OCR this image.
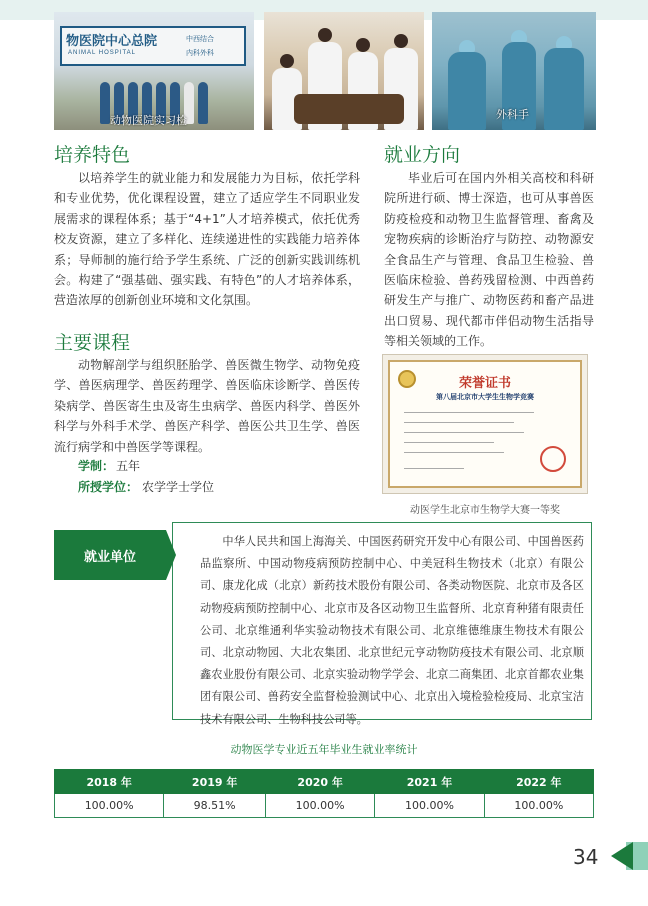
物医院中心总院
ANIMAL HOSPITAL
中西结合
内科外科
动物医院实习检	外科手
培养特色
以培养学生的就业能力和发展能力为目标，依托学科和专业优势，优化课程设置，建立了适应学生不同职业发展需求的课程体系；基于“4+1”人才培养模式，依托优秀校友资源，建立了多样化、连续递进性的实践能力培养体系；导师制的施行给予学生系统、广泛的创新实践训练机会。构建了“强基础、强实践、有特色”的人才培养体系，营造浓厚的创新创业环境和文化氛围。
主要课程
动物解剖学与组织胚胎学、兽医微生物学、动物免疫学、兽医病理学、兽医药理学、兽医临床诊断学、兽医传染病学、兽医寄生虫及寄生虫病学、兽医内科学、兽医外科学与外科手术学、兽医产科学、兽医公共卫生学、兽医流行病学和中兽医学等课程。
学制： 五年
所授学位： 农学学士学位
就业方向
毕业后可在国内外相关高校和科研院所进行硕、博士深造，也可从事兽医防疫检疫和动物卫生监督管理、畜禽及宠物疾病的诊断治疗与防控、动物源安全食品生产与管理、食品卫生检验、兽医临床检验、兽药残留检测、中西兽药研发生产与推广、动物医药和畜产品进出口贸易、现代都市伴侣动物生活指导等相关领域的工作。
荣誉证书
第八届北京市大学生生物学竞赛
动医学生北京市生物学大赛一等奖
就业单位
中华人民共和国上海海关、中国医药研究开发中心有限公司、中国兽医药品监察所、中国动物疫病预防控制中心、中美冠科生物技术（北京）有限公司、康龙化成（北京）新药技术股份有限公司、各类动物医院、北京市及各区动物疫病预防控制中心、北京市及各区动物卫生监督所、北京育种猪有限责任公司、北京维通利华实验动物技术有限公司、北京维德维康生物技术有限公司、北京动物园、大北农集团、北京世纪元亨动物防疫技术有限公司、北京顺鑫农业股份有限公司、北京实验动物学学会、北京二商集团、北京首都农业集团有限公司、兽药安全监督检验测试中心、北京出入境检验检疫局、北京宝洁技术有限公司、生物科技公司等。
动物医学专业近五年毕业生就业率统计
2018 年	2019 年	2020 年	2021 年	2022 年
100.00%	98.51%	100.00%	100.00%	100.00%
34
